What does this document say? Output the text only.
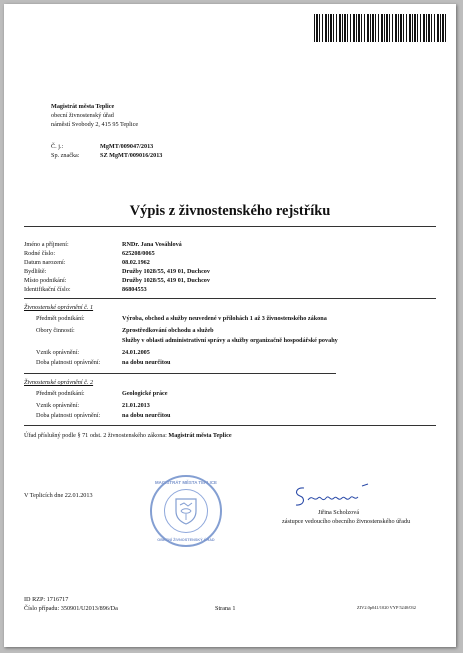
Magistrát města Teplice
obecní živnostenský úřad
náměstí Svobody 2, 415 95 Teplice
Č. j.:	MgMT/009047/2013
Sp. značka:	SZ MgMT/009016/2013
Výpis z živnostenského rejstříku
Jméno a příjmení:	RNDr. Jana Vosáhlová
Rodné číslo:	625208/0065
Datum narození:	08.02.1962
Bydliště:	Družby 1028/55, 419 01, Duchcov
Místo podnikání:	Družby 1028/55, 419 01, Duchcov
Identifikační číslo:	86804553
Živnostenské oprávnění č. 1
Předmět podnikání:	Výroba, obchod a služby neuvedené v přílohách 1 až 3 živnostenského zákona
Obory činností:	Zprostředkování obchodu a služeb
Služby v oblasti administrativní správy a služby organizačně hospodářské povahy
Vznik oprávnění:	24.01.2005
Doba platnosti oprávnění:	na dobu neurčitou
Živnostenské oprávnění č. 2
Předmět podnikání:	Geologické práce
Vznik oprávnění:	21.01.2013
Doba platnosti oprávnění:	na dobu neurčitou
Úřad příslušný podle § 71 odst. 2 živnostenského zákona: Magistrát města Teplice
V Teplicích dne 22.01.2013
MAGISTRÁT MĚSTA TEPLICE
OBECNÍ ŽIVNOSTENSKÝ ÚŘAD
Jiřina Scholzová
zástupce vedoucího obecního živnostenského úřadu
ID RZP: 1716717
Číslo případu: 350901/U2013/896/Da	Strana 1	ZIV2.0p041/1020 VYP 5240/032
